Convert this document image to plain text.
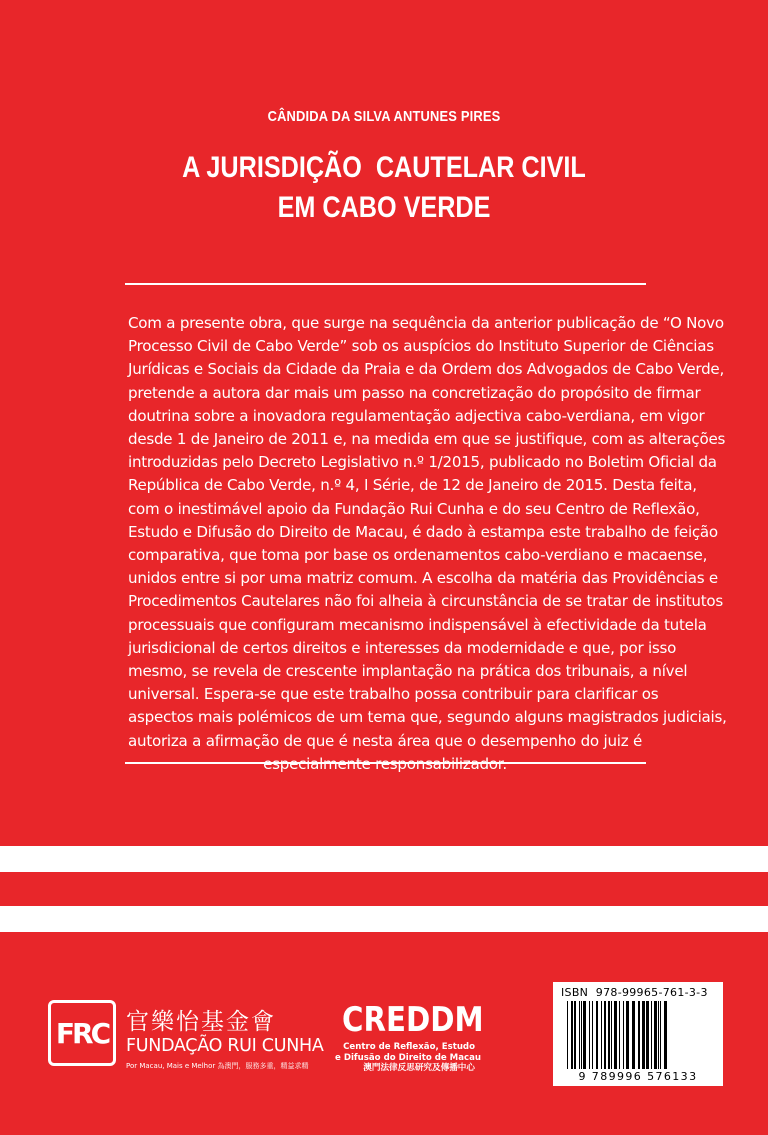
CÂNDIDA DA SILVA ANTUNES PIRES
A JURISDIÇÃO  CAUTELAR CIVIL
EM CABO VERDE
Com a presente obra, que surge na sequência da anterior publicação de “O Novo
Processo Civil de Cabo Verde” sob os auspícios do Instituto Superior de Ciências
Jurídicas e Sociais da Cidade da Praia e da Ordem dos Advogados de Cabo Verde,
pretende a autora dar mais um passo na concretização do propósito de firmar
doutrina sobre a inovadora regulamentação adjectiva cabo-verdiana, em vigor
desde 1 de Janeiro de 2011 e, na medida em que se justifique, com as alterações
introduzidas pelo Decreto Legislativo n.º 1/2015, publicado no Boletim Oficial da
República de Cabo Verde, n.º 4, I Série, de 12 de Janeiro de 2015. Desta feita,
com o inestimável apoio da Fundação Rui Cunha e do seu Centro de Reflexão,
Estudo e Difusão do Direito de Macau, é dado à estampa este trabalho de feição
comparativa, que toma por base os ordenamentos cabo-verdiano e macaense,
unidos entre si por uma matriz comum. A escolha da matéria das Providências e
Procedimentos Cautelares não foi alheia à circunstância de se tratar de institutos
processuais que configuram mecanismo indispensável à efectividade da tutela
jurisdicional de certos direitos e interesses da modernidade e que, por isso
mesmo, se revela de crescente implantação na prática dos tribunais, a nível
universal. Espera-se que este trabalho possa contribuir para clarificar os
aspectos mais polémicos de um tema que, segundo alguns magistrados judiciais,
autoriza a afirmação de que é nesta área que o desempenho do juiz é
FRC 官樂怡基金會
FUNDAÇÃO RUI CUNHA
Por Macau, Mais e Melhor 為澳門，服務多重，精益求精
CREDDM
Centro de Reflexão, Estudo
e Difusão do Direito de Macau
澳門法律反思研究及傳播中心
ISBN  978-99965-761-3-3
9 789996 576133
